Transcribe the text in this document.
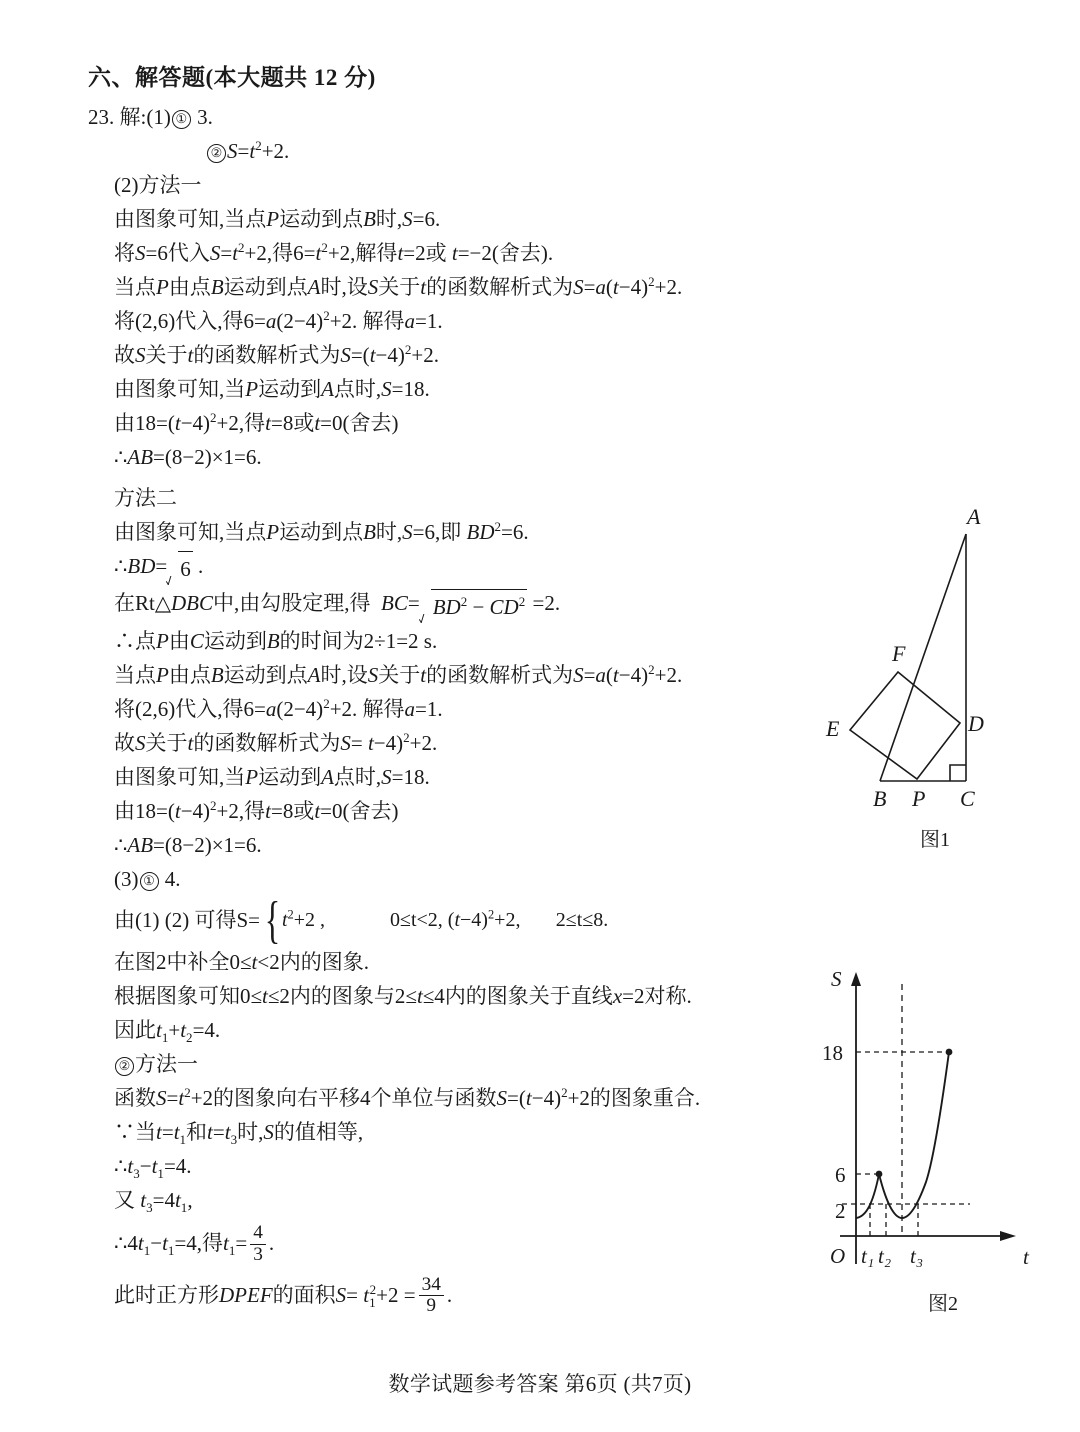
六、解答题(本大题共 12 分)
23. 解:(1) ① 3.
② $S=t^2+2$.
(2)方法一
由图象可知,当点P运动到点B时,S=6.
将S=6代入$S=t^2+2$,得$6=t^2+2$,解得t=2或 t=−2(舍去).
当点P由点B运动到点A时,设S关于t的函数解析式为$S=a(t-4)^2+2$.
将(2,6)代入,得$6=a(2-4)^2+2$. 解得a=1.
故S关于t的函数解析式为$S=(t-4)^2+2$.
由图象可知,当P运动到A点时,S=18.
由$18=(t-4)^2+2$,得t=8或t=0(舍去)
∴AB=(8−2)×1=6.
方法二
由图象可知,当点P运动到点B时,S=6,即 $BD^2=6$.
∴BD= 6 .
在Rt△DBC中,由勾股定理,得  $BC= BD^2 - CD^2 =2$.
∴点P由C运动到B的时间为2÷1=2 s.
当点P由点B运动到点A时,设S关于t的函数解析式为$S=a(t-4)^2+2$.
将(2,6)代入,得$6=a(2-4)^2+2$. 解得a=1.
故S关于t的函数解析式为S= t−4)$^2$+2.
由图象可知,当P运动到A点时,S=18.
由$18=(t-4)^2+2$,得t=8或t=0(舍去)
∴AB=(8−2)×1=6.
(3) ① 4.
由(1) (2) 可得S= { $t^2+2$ ,	0≤t<2, $(t-4)^2+2$, 2≤t≤8.
在图2中补全0≤t<2内的图象.
根据图象可知0≤t≤2内的图象与2≤t≤4内的图象关于直线x=2对称.
因此$t_1+t_2=4$.
② 方法一
函数$S=t^2+2$的图象向右平移4个单位与函数$S=(t-4)^2+2$的图象重合.
∵当$t=t_1$和$t=t_3$时,S的值相等,
$\therefore t_3-t_1=4$.
又 $t_3=4t_1$,
$\therefore 4t_1-t_1=4$,得$t_1= \frac{4}{3}$ .
此时正方形DPEF的面积$S= t_1^2+2 = \frac{34}{9}$ .
A
B	C
D
E
F
P
图1
S
t
O
18
6
2
t₁ t₂ t₃
图2
数学试题参考答案 第6页 (共7页)
